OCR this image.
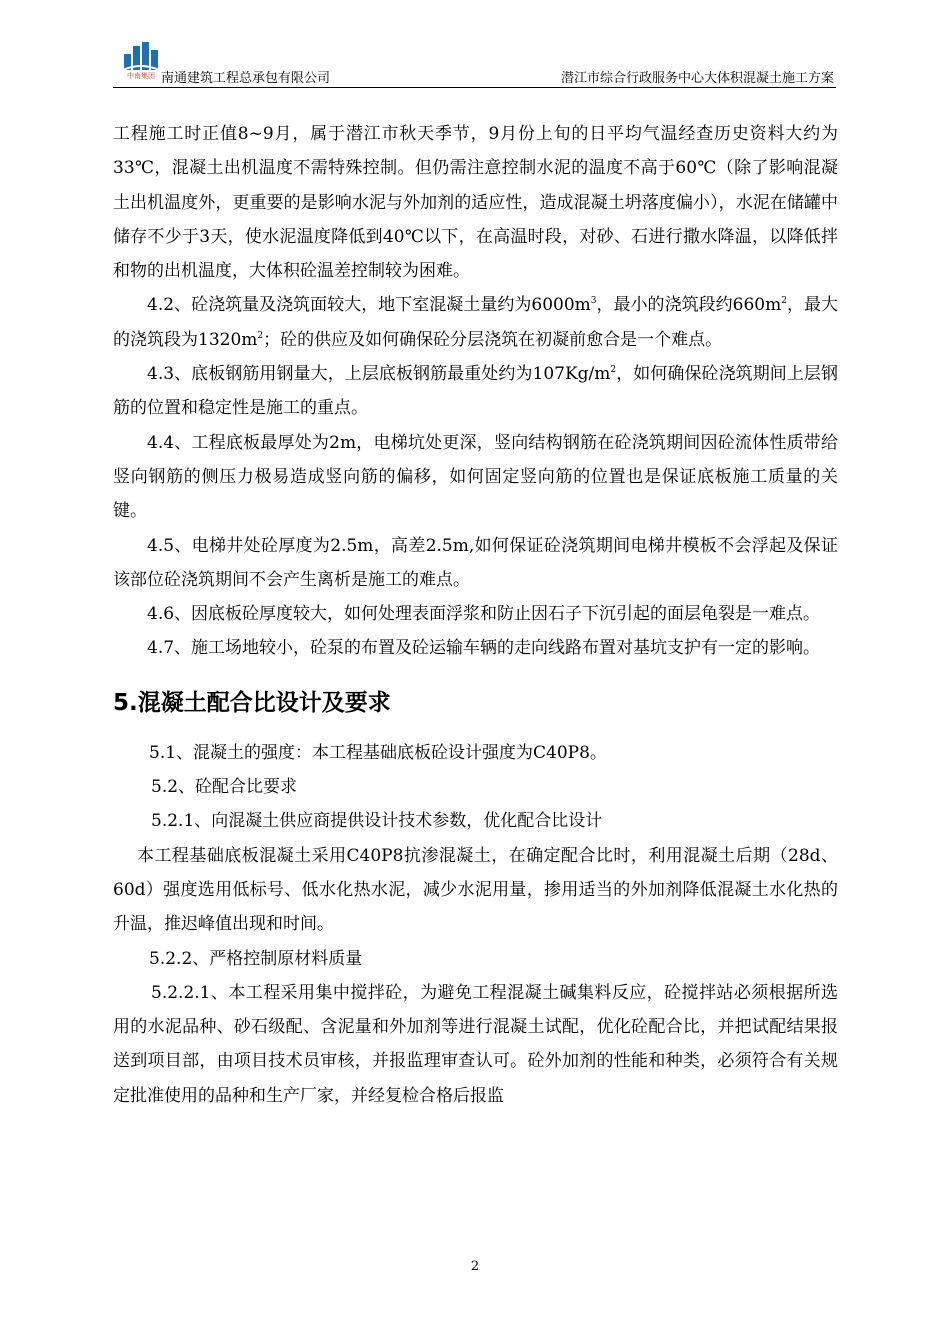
中南集团 南通建筑工程总承包有限公司	潜江市综合行政服务中心大体积混凝土施工方案

工程施工时正值8~9月，属于潜江市秋天季节，9月份上旬的日平均气温经查历史资料大约为33℃，混凝土出机温度不需特殊控制。但仍需注意控制水泥的温度不高于60℃（除了影响混凝土出机温度外，更重要的是影响水泥与外加剂的适应性，造成混凝土坍落度偏小），水泥在储罐中储存不少于3天，使水泥温度降低到40℃以下，在高温时段，对砂、石进行撒水降温，以降低拌和物的出机温度，大体积砼温差控制较为困难。

4.2、砼浇筑量及浇筑面较大，地下室混凝土量约为$6000m^3$，最小的浇筑段约$660m^2$，最大的浇筑段为$1320m^2$；砼的供应及如何确保砼分层浇筑在初凝前愈合是一个难点。

4.3、底板钢筋用钢量大，上层底板钢筋最重处约为$107Kg/m^2$，如何确保砼浇筑期间上层钢筋的位置和稳定性是施工的重点。

4.4、工程底板最厚处为2m，电梯坑处更深，竖向结构钢筋在砼浇筑期间因砼流体性质带给竖向钢筋的侧压力极易造成竖向筋的偏移，如何固定竖向筋的位置也是保证底板施工质量的关键。

4.5、电梯井处砼厚度为2.5m，高差2.5m,如何保证砼浇筑期间电梯井模板不会浮起及保证该部位砼浇筑期间不会产生离析是施工的难点。

4.6、因底板砼厚度较大，如何处理表面浮浆和防止因石子下沉引起的面层龟裂是一难点。

4.7、施工场地较小，砼泵的布置及砼运输车辆的走向线路布置对基坑支护有一定的影响。

5.混凝土配合比设计及要求

5.1、混凝土的强度：本工程基础底板砼设计强度为C40P8。

5.2、砼配合比要求

5.2.1、向混凝土供应商提供设计技术参数，优化配合比设计

本工程基础底板混凝土采用C40P8抗渗混凝土，在确定配合比时，利用混凝土后期（28d、60d）强度选用低标号、低水化热水泥，减少水泥用量，掺用适当的外加剂降低混凝土水化热的升温，推迟峰值出现和时间。

5.2.2、严格控制原材料质量

5.2.2.1、本工程采用集中搅拌砼，为避免工程混凝土碱集料反应，砼搅拌站必须根据所选用的水泥品种、砂石级配、含泥量和外加剂等进行混凝土试配，优化砼配合比，并把试配结果报送到项目部，由项目技术员审核，并报监理审查认可。砼外加剂的性能和种类，必须符合有关规定批准使用的品种和生产厂家，并经复检合格后报监

2
